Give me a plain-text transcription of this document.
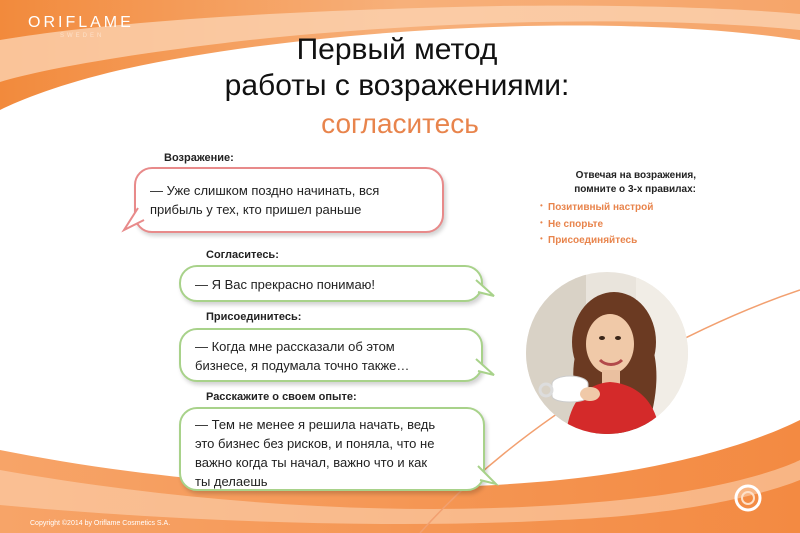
ORIFLAME
SWEDEN	Первый метод
работы с возражениями:
согласитесь
Возражение:
— Уже слишком поздно начинать, вся
прибыль у тех, кто пришел раньше
Согласитесь:
— Я Вас прекрасно понимаю!
Присоединитесь:
— Когда мне рассказали об этом
бизнесе, я подумала точно также…
Расскажите о своем опыте:
— Тем не менее я решила начать, ведь
это бизнес без рисков, и поняла, что не
важно когда ты начал, важно что и как
ты делаешь
Отвечая на возражения,
помните о 3-х правилах:
• Позитивный настрой
• Не спорьте
• Присоединяйтесь
Copyright ©2014 by Oriflame Cosmetics S.A.
